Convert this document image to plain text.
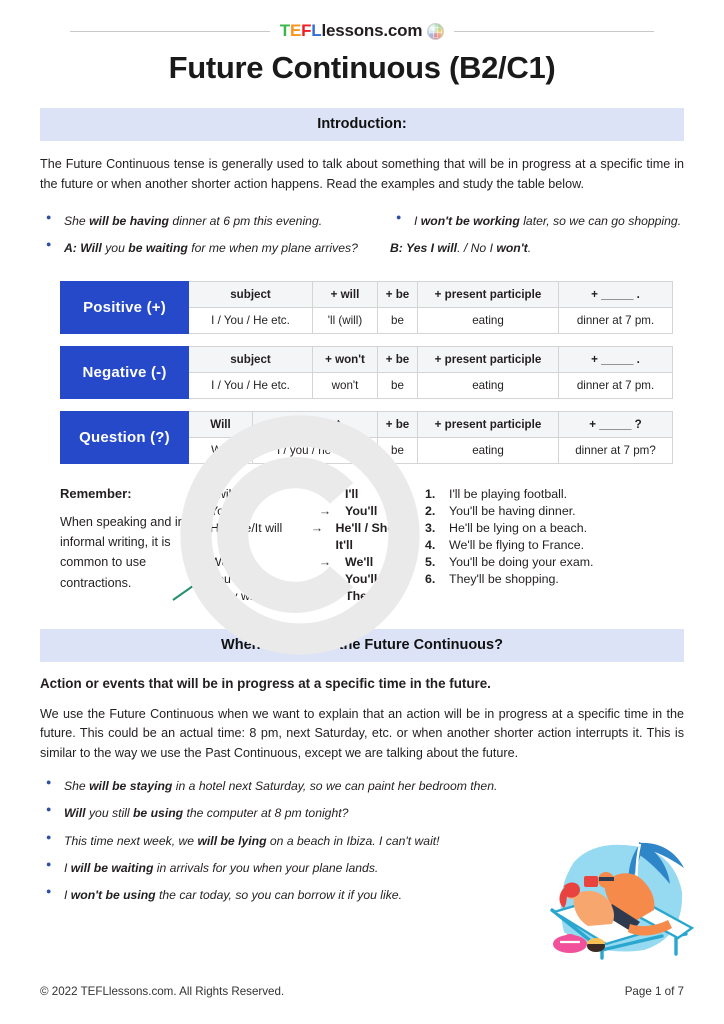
T E F L lessons.com
Future Continuous (B2/C1)
Introduction:

The Future Continuous tense is generally used to talk about something that will be in progress at a specific time in the future or when another shorter action happens. Read the examples and study the table below.

● She will be having dinner at 6 pm this evening.
● A: Will you be waiting for me when my plane arrives?
● I won't be working later, so we can go shopping.
B: Yes I will. / No I won't.
Positive (+)	subject	+ will	+ be	+ present participle	+ _____ .
	I / You / He etc.	'll (will)	be	eating	dinner at 7 pm.
Negative (-)	subject	+ won't	+ be	+ present participle	+ _____ .
	I / You / He etc.	won't	be	eating	dinner at 7 pm.
Question (?)	Will	+ subject	+ be	+ present participle	+ _____ ?
	Will	I / you / he etc.	be	eating	dinner at 7 pm?
Remember:
When speaking and in informal writing, it is common to use contractions.
I will	→	I'll
You will	→	You'll
He/She/It will	→	He'll / She'll / It'll
We will	→	We'll
You will	→	You'll
They will	→	They'll
1.	I'll be playing football.
2.	You'll be having dinner.
3.	He'll be lying on a beach.
4.	We'll be flying to France.
5.	You'll be doing your exam.
6.	They'll be shopping.
When do we use the Future Continuous?
Action or events that will be in progress at a specific time in the future.

We use the Future Continuous when we want to explain that an action will be in progress at a specific time in the future. This could be an actual time: 8 pm, next Saturday, etc. or when another shorter action interrupts it. This is similar to the way we use the Past Continuous, except we are talking about the future.

● She will be staying in a hotel next Saturday, so we can paint her bedroom then.
● Will you still be using the computer at 8 pm tonight?
● This time next week, we will be lying on a beach in Ibiza. I can't wait!
● I will be waiting in arrivals for you when your plane lands.
● I won't be using the car today, so you can borrow it if you like.
© 2022 TEFLlessons.com. All Rights Reserved.	Page 1 of 7
